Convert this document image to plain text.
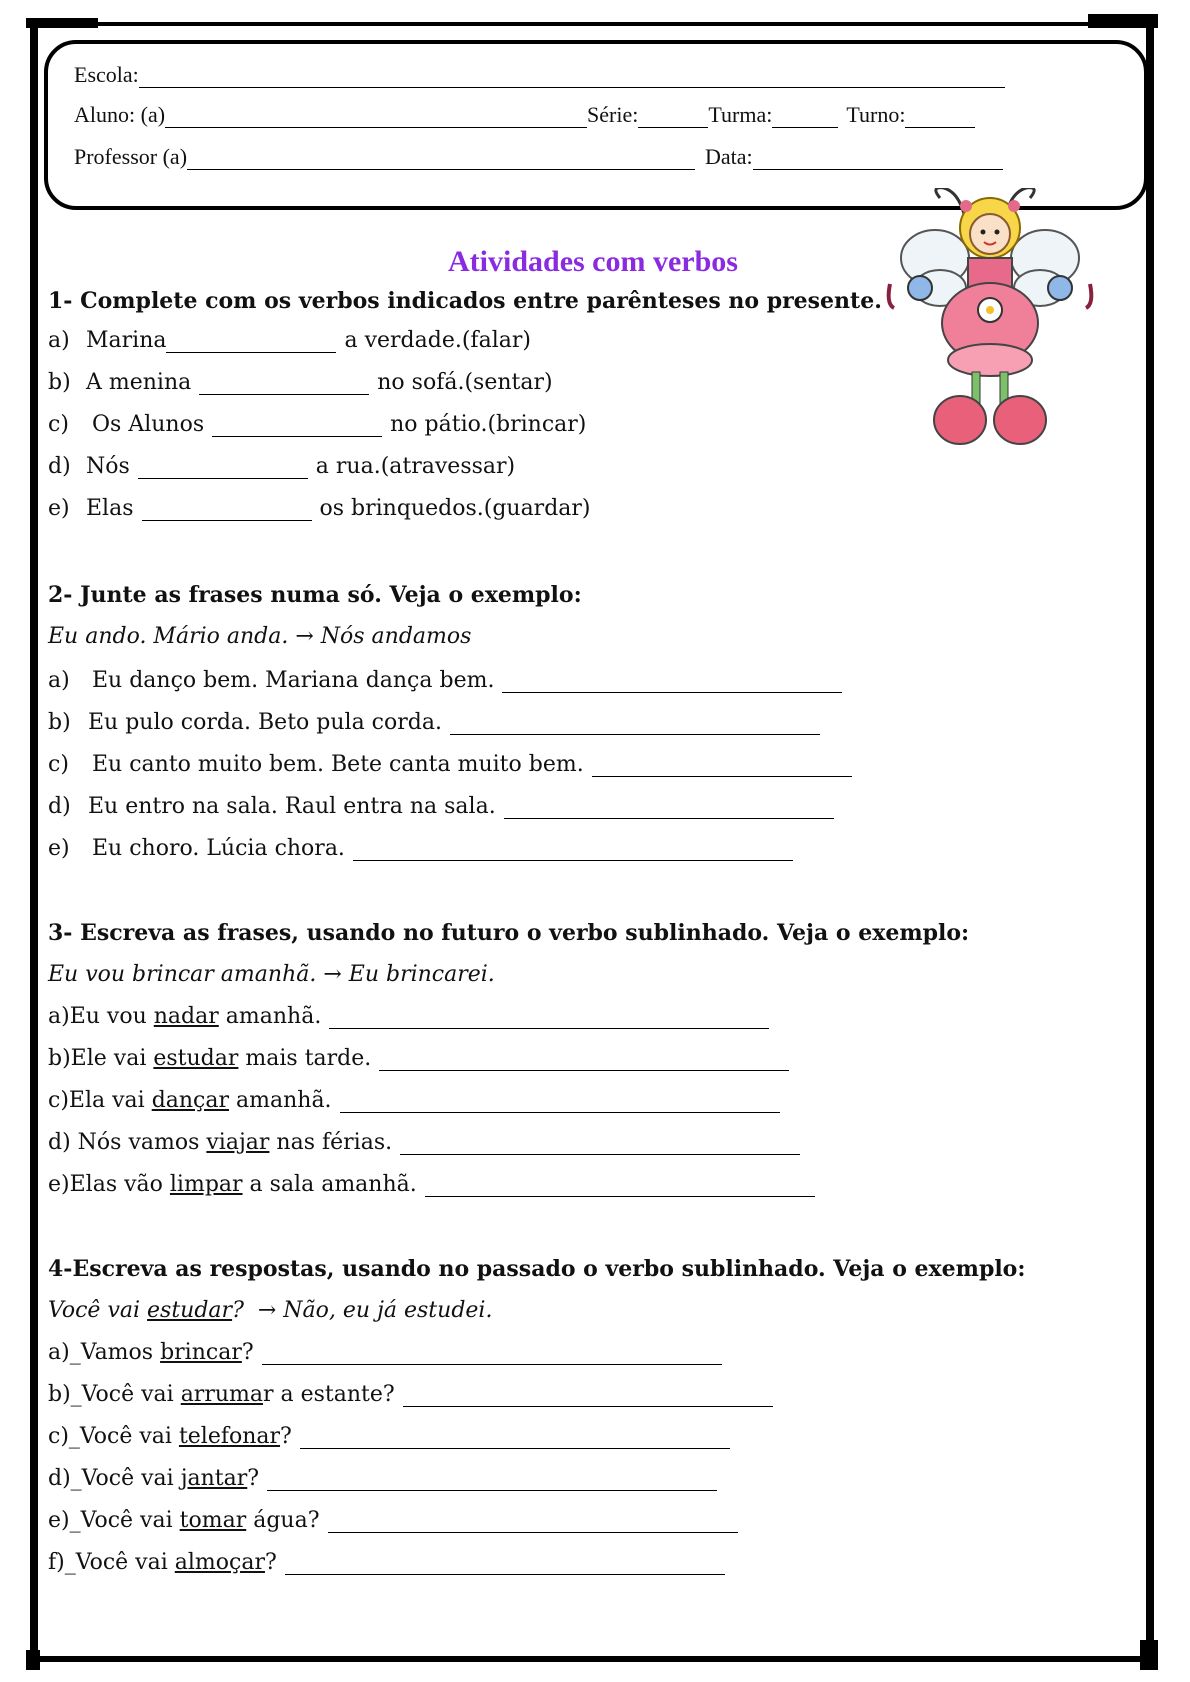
Escola:
Aluno: (a)	Série:	Turma:	Turno:
Professor (a)	Data:
Atividades com verbos
1- Complete com os verbos indicados entre parênteses no presente.
a) Marina	a verdade.(falar)
b) A menina	no sofá.(sentar)
c)	Os Alunos	no pátio.(brincar)
d) Nós	a rua.(atravessar)
e) Elas	os brinquedos.(guardar)
2- Junte as frases numa só. Veja o exemplo:
Eu ando. Mário anda. → Nós andamos
a)	Eu danço bem. Mariana dança bem.
b) Eu pulo corda. Beto pula corda.
c)	Eu canto muito bem. Bete canta muito bem.
d) Eu entro na sala. Raul entra na sala.
e)	Eu choro. Lúcia chora.
3- Escreva as frases, usando no futuro o verbo sublinhado. Veja o exemplo:
Eu vou brincar amanhã. → Eu brincarei.
a)Eu vou nadar amanhã.
b)Ele vai estudar mais tarde.
c)Ela vai dançar amanhã.
d) Nós vamos viajar nas férias.
e)Elas vão limpar a sala amanhã.
4-Escreva as respostas, usando no passado o verbo sublinhado. Veja o exemplo:
Você vai estudar ?  → Não, eu já estudei.
a)_Vamos brincar ?
b)_Você vai arruma r a estante?
c)_Você vai telefonar ?
d)_Você vai jantar ?
e)_Você vai tomar água?
f)_Você vai almoçar ?
